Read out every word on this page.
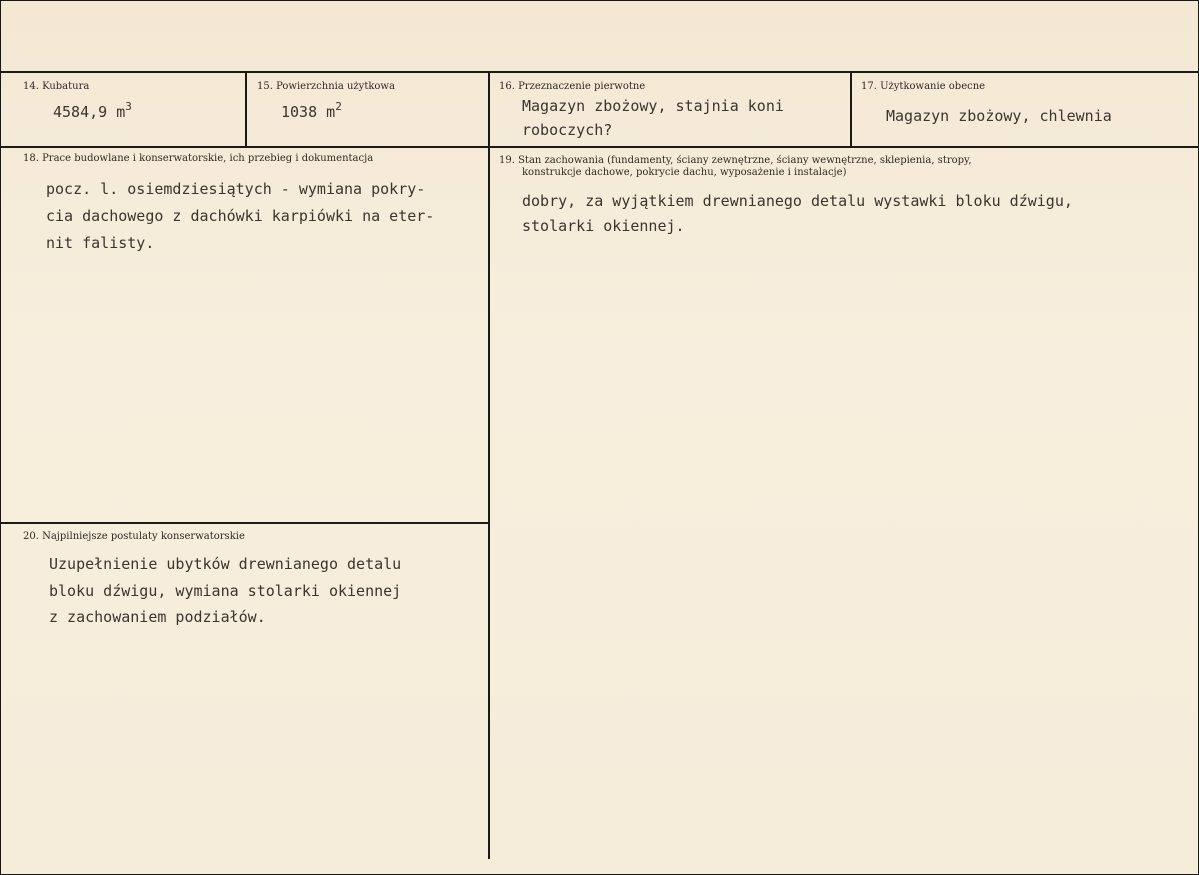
14. Kubatura
4584,9 $m^3$
15. Powierzchnia użytkowa
1038 $m^2$
16. Przeznaczenie pierwotne
Magazyn zbożowy, stajnia koni
roboczych?
17. Użytkowanie obecne
Magazyn zbożowy, chlewnia
18. Prace budowlane i konserwatorskie, ich przebieg i dokumentacja
pocz. l. osiemdziesiątych - wymiana pokry-
cia dachowego z dachówki karpiówki na eter-
nit falisty.
19. Stan zachowania (fundamenty, ściany zewnętrzne, ściany wewnętrzne, sklepienia, stropy,
konstrukcje dachowe, pokrycie dachu, wyposażenie i instalacje)
dobry, za wyjątkiem drewnianego detalu wystawki bloku dźwigu,
stolarki okiennej.
20. Najpilniejsze postulaty konserwatorskie
Uzupełnienie ubytków drewnianego detalu
bloku dźwigu, wymiana stolarki okiennej
z zachowaniem podziałów.
